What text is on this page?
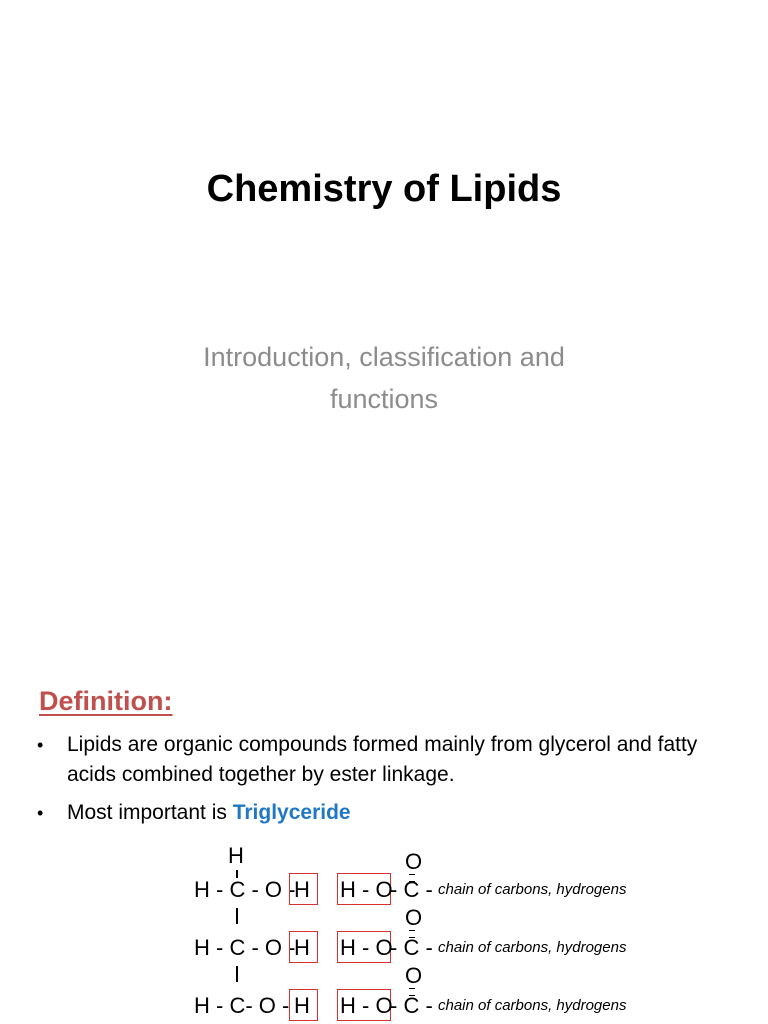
Chemistry of Lipids
Introduction, classification and
functions
Definition:
• Lipids are organic compounds formed mainly from glycerol and fatty acids combined together by ester linkage.
• Most important is Triglyceride
H	O
H - C - O -
H H - O
- C - chain of carbons, hydrogens
O
H - C - O -
H H - O
- C - chain of carbons, hydrogens
O
H - C- O - H H - O
- C - chain of carbons, hydrogens
